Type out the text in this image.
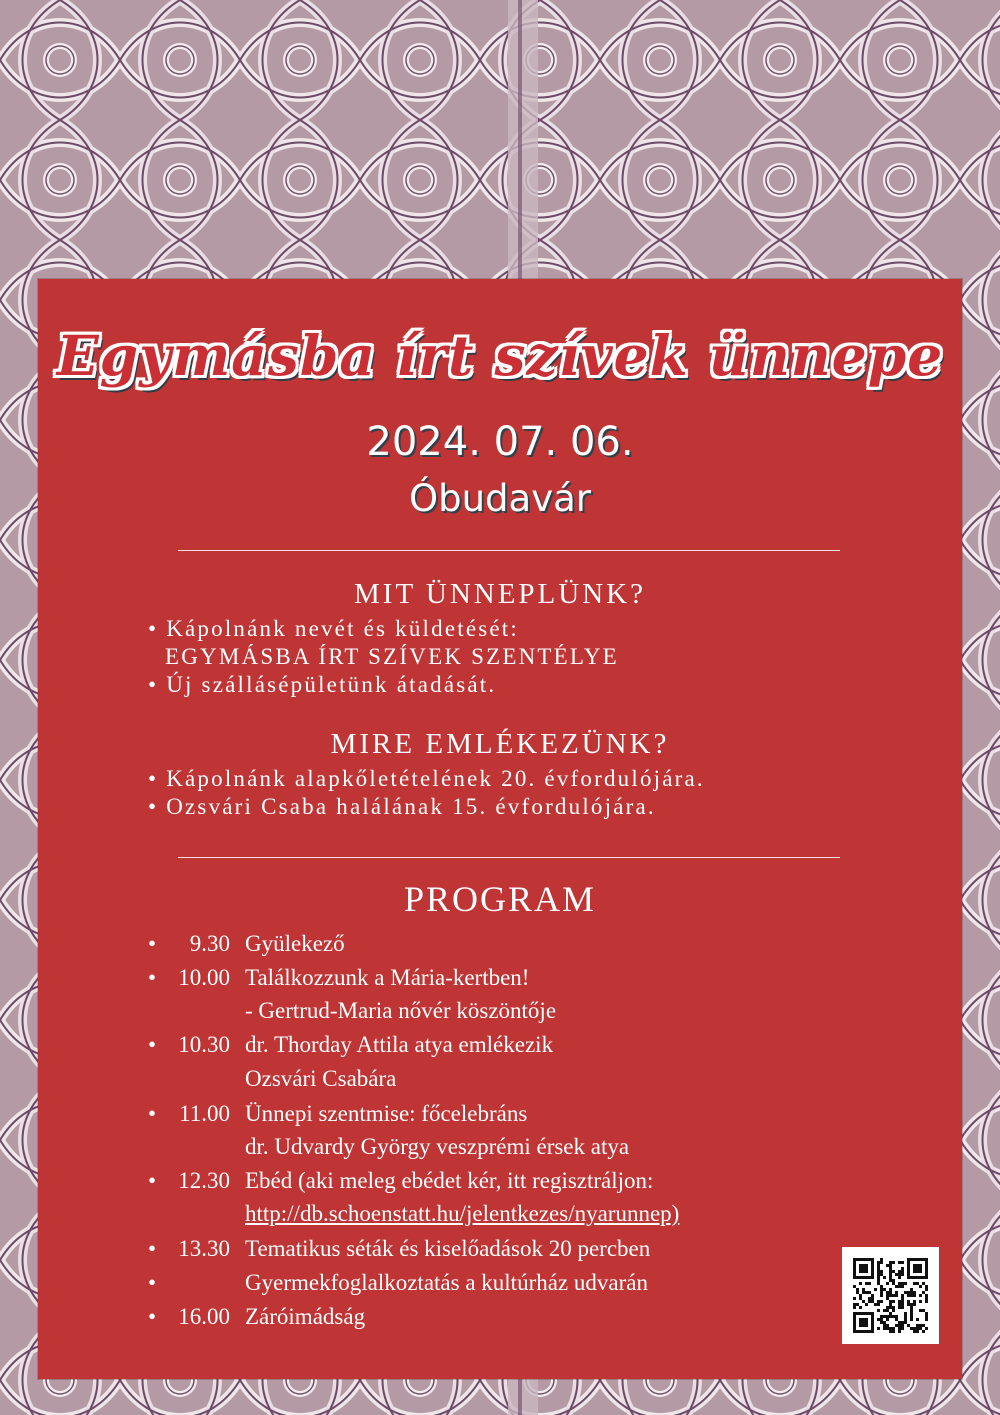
Egymásba írt szívek ünnepe
2024. 07. 06.
Óbudavár
MIT ÜNNEPLÜNK?
• Kápolnánk nevét és küldetését:
EGYMÁSBA ÍRT SZÍVEK SZENTÉLYE
• Új szállásépületünk átadását.
MIRE EMLÉKEZÜNK?
• Kápolnánk alapkőletételének 20. évfordulójára.
• Ozsvári Csaba halálának 15. évfordulójára.
PROGRAM
•	9.30 Gyülekező
• 10.00 Találkozzunk a Mária-kertben!
- Gertrud-Maria nővér köszöntője
• 10.30 dr. Thorday Attila atya emlékezik
Ozsvári Csabára
•	11.00 Ünnepi szentmise: főcelebráns
dr. Udvardy György veszprémi érsek atya
• 12.30 Ebéd (aki meleg ebédet kér, itt regisztráljon:
http://db.schoenstatt.hu/jelentkezes/nyarunnep)
• 13.30 Tematikus séták és kiselőadások 20 percben
•	Gyermekfoglalkoztatás a kultúrház udvarán
• 16.00 Záróimádság
